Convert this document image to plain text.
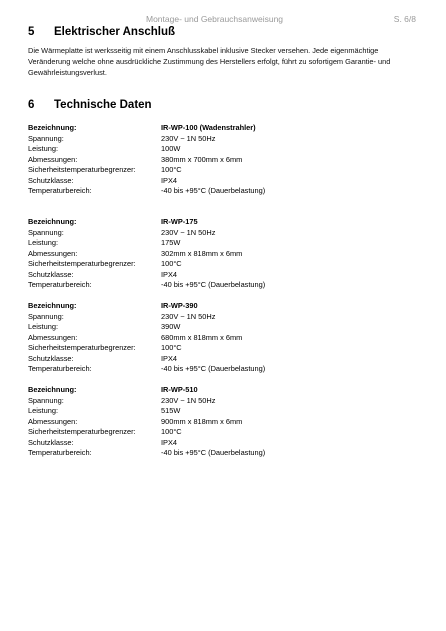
Montage- und Gebrauchsanweisung	S. 6/8
5 Elektrischer Anschluß
Die Wärmeplatte ist werksseitig mit einem Anschlusskabel inklusive Stecker versehen. Jede eigenmächtige Veränderung welche ohne ausdrückliche Zustimmung des Herstellers erfolgt, führt zu sofortigem Garantie- und Gewährleistungsverlust.
6 Technische Daten
Bezeichnung:	IR-WP-100 (Wadenstrahler)
Spannung:	230V ~ 1N 50Hz
Leistung:	100W
Abmessungen:	380mm x 700mm x 6mm
Sicherheitstemperaturbegrenzer:	100°C
Schutzklasse:	IPX4
Temperaturbereich:	-40 bis +95°C (Dauerbelastung)
Bezeichnung:	IR-WP-175
Spannung:	230V ~ 1N 50Hz
Leistung:	175W
Abmessungen:	302mm x 818mm x 6mm
Sicherheitstemperaturbegrenzer:	100°C
Schutzklasse:	IPX4
Temperaturbereich:	-40 bis +95°C (Dauerbelastung)
Bezeichnung:	IR-WP-390
Spannung:	230V ~ 1N 50Hz
Leistung:	390W
Abmessungen:	680mm x 818mm x 6mm
Sicherheitstemperaturbegrenzer:	100°C
Schutzklasse:	IPX4
Temperaturbereich:	-40 bis +95°C (Dauerbelastung)
Bezeichnung:	IR-WP-510
Spannung:	230V ~ 1N 50Hz
Leistung:	515W
Abmessungen:	900mm x 818mm x 6mm
Sicherheitstemperaturbegrenzer:	100°C
Schutzklasse:	IPX4
Temperaturbereich:	-40 bis +95°C (Dauerbelastung)
